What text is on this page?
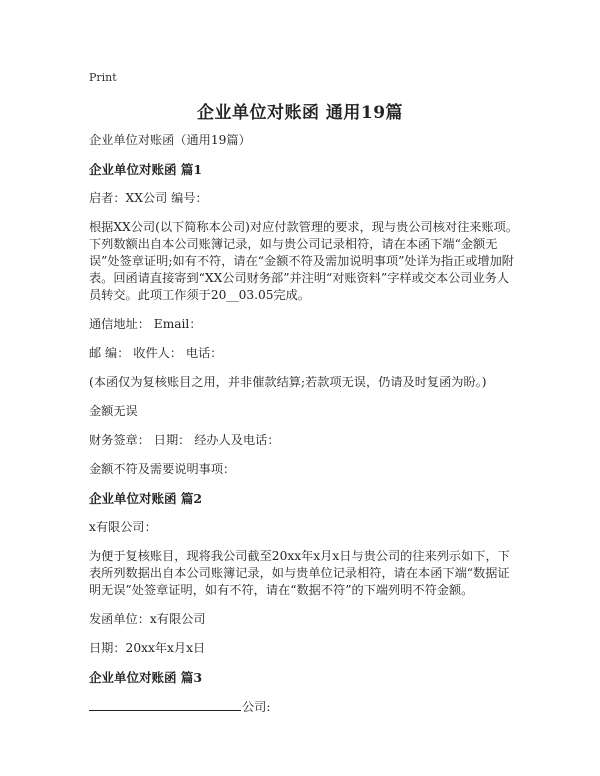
Print
企业单位对账函 通用19篇

企业单位对账函（通用19篇）

企业单位对账函 篇1

启者：XX公司 编号：

根据XX公司(以下简称本公司)对应付款管理的要求，现与贵公司核对往来账项。下列数额出自本公司账簿记录，如与贵公司记录相符，请在本函下端“金额无误”处签章证明;如有不符，请在“金额不符及需加说明事项”处详为指正或增加附表。回函请直接寄到“XX公司财务部”并注明“对账资料”字样或交本公司业务人员转交。此项工作须于20__03.05完成。

通信地址： Email：

邮 编： 收件人： 电话：

(本函仅为复核账目之用，并非催款结算;若款项无误，仍请及时复函为盼。)

金额无误

财务签章： 日期： 经办人及电话：

金额不符及需要说明事项：

企业单位对账函 篇2

x有限公司：

为便于复核账目，现将我公司截至20xx年x月x日与贵公司的往来列示如下，下表所列数据出自本公司账簿记录，如与贵单位记录相符，请在本函下端“数据证明无误”处签章证明，如有不符，请在“数据不符”的下端列明不符金额。

发函单位：x有限公司

日期：20xx年x月x日

企业单位对账函 篇3

公司:
